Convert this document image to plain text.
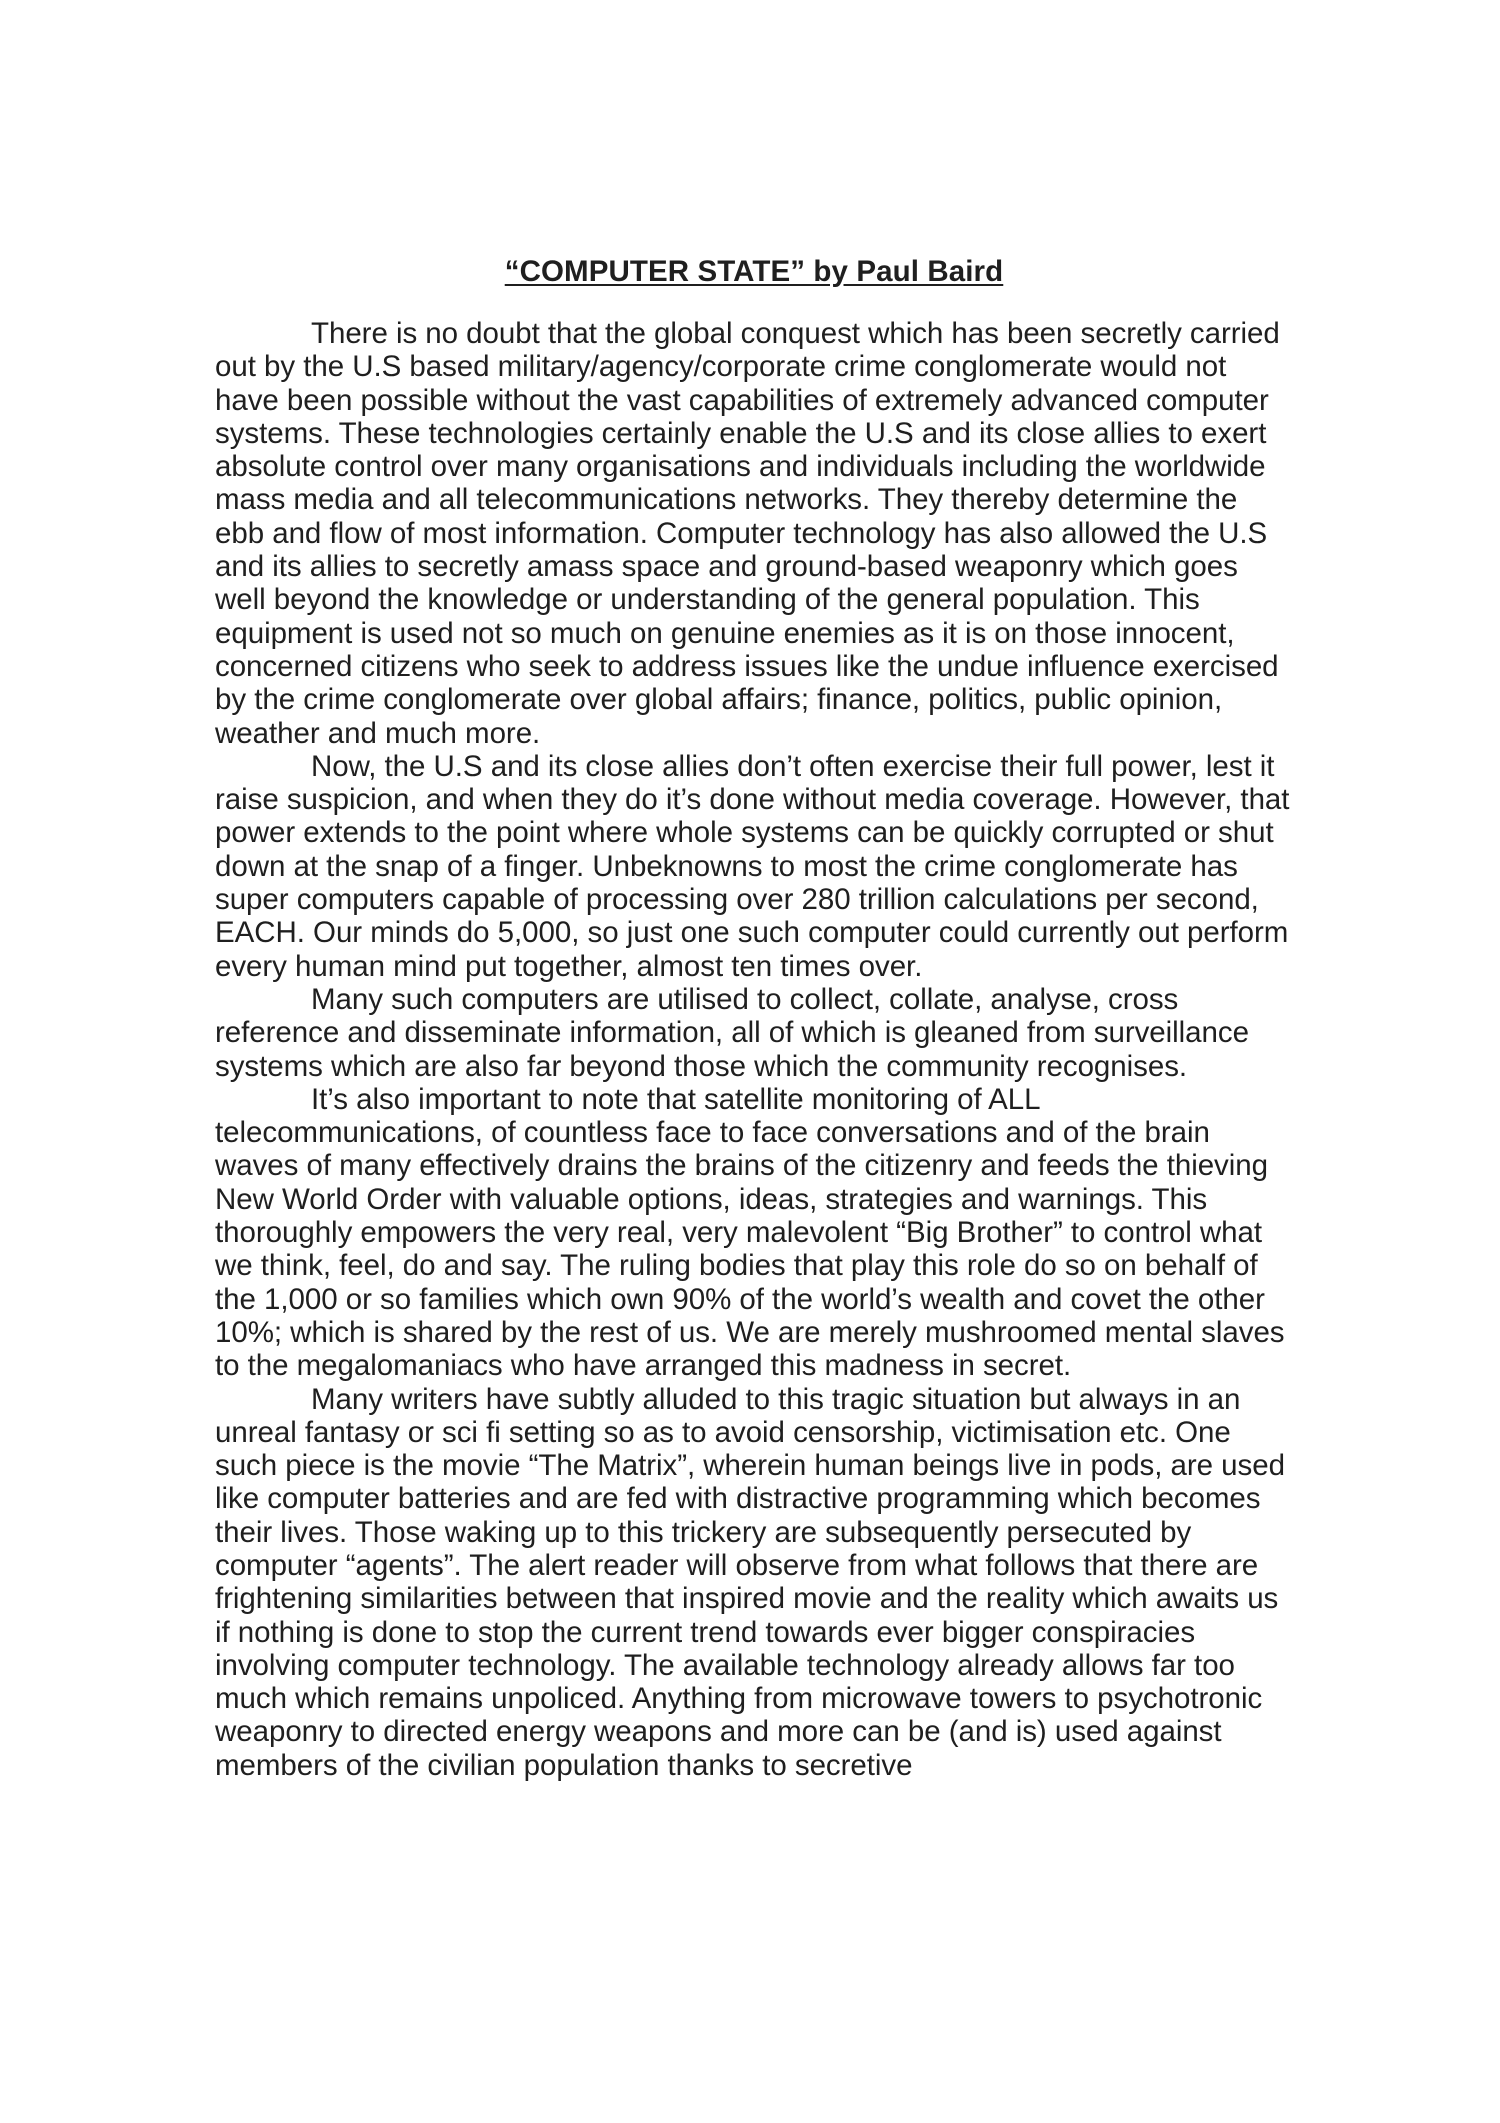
“COMPUTER STATE” by Paul Baird

There is no doubt that the global conquest which has been secretly carried out by the U.S based military/agency/corporate crime conglomerate would not have been possible without the vast capabilities of extremely advanced computer systems. These technologies certainly enable the U.S and its close allies to exert absolute control over many organisations and individuals including the worldwide mass media and all telecommunications networks. They thereby determine the ebb and flow of most information. Computer technology has also allowed the U.S and its allies to secretly amass space and ground-based weaponry which goes well beyond the knowledge or understanding of the general population. This equipment is used not so much on genuine enemies as it is on those innocent, concerned citizens who seek to address issues like the undue influence exercised by the crime conglomerate over global affairs; finance, politics, public opinion, weather and much more.

Now, the U.S and its close allies don’t often exercise their full power, lest it raise suspicion, and when they do it’s done without media coverage. However, that power extends to the point where whole systems can be quickly corrupted or shut down at the snap of a finger. Unbeknowns to most the crime conglomerate has super computers capable of processing over 280 trillion calculations per second, EACH. Our minds do 5,000, so just one such computer could currently out perform every human mind put together, almost ten times over.

Many such computers are utilised to collect, collate, analyse, cross reference and disseminate information, all of which is gleaned from surveillance systems which are also far beyond those which the community recognises.

It’s also important to note that satellite monitoring of ALL telecommunications, of countless face to face conversations and of the brain waves of many effectively drains the brains of the citizenry and feeds the thieving New World Order with valuable options, ideas, strategies and warnings. This thoroughly empowers the very real, very malevolent “Big Brother” to control what we think, feel, do and say. The ruling bodies that play this role do so on behalf of the 1,000 or so families which own 90% of the world’s wealth and covet the other 10%; which is shared by the rest of us. We are merely mushroomed mental slaves to the megalomaniacs who have arranged this madness in secret.

Many writers have subtly alluded to this tragic situation but always in an unreal fantasy or sci fi setting so as to avoid censorship, victimisation etc. One such piece is the movie “The Matrix”, wherein human beings live in pods, are used like computer batteries and are fed with distractive programming which becomes their lives. Those waking up to this trickery are subsequently persecuted by computer “agents”. The alert reader will observe from what follows that there are frightening similarities between that inspired movie and the reality which awaits us if nothing is done to stop the current trend towards ever bigger conspiracies involving computer technology. The available technology already allows far too much which remains unpoliced. Anything from microwave towers to psychotronic weaponry to directed energy weapons and more can be (and is) used against members of the civilian population thanks to secretive
